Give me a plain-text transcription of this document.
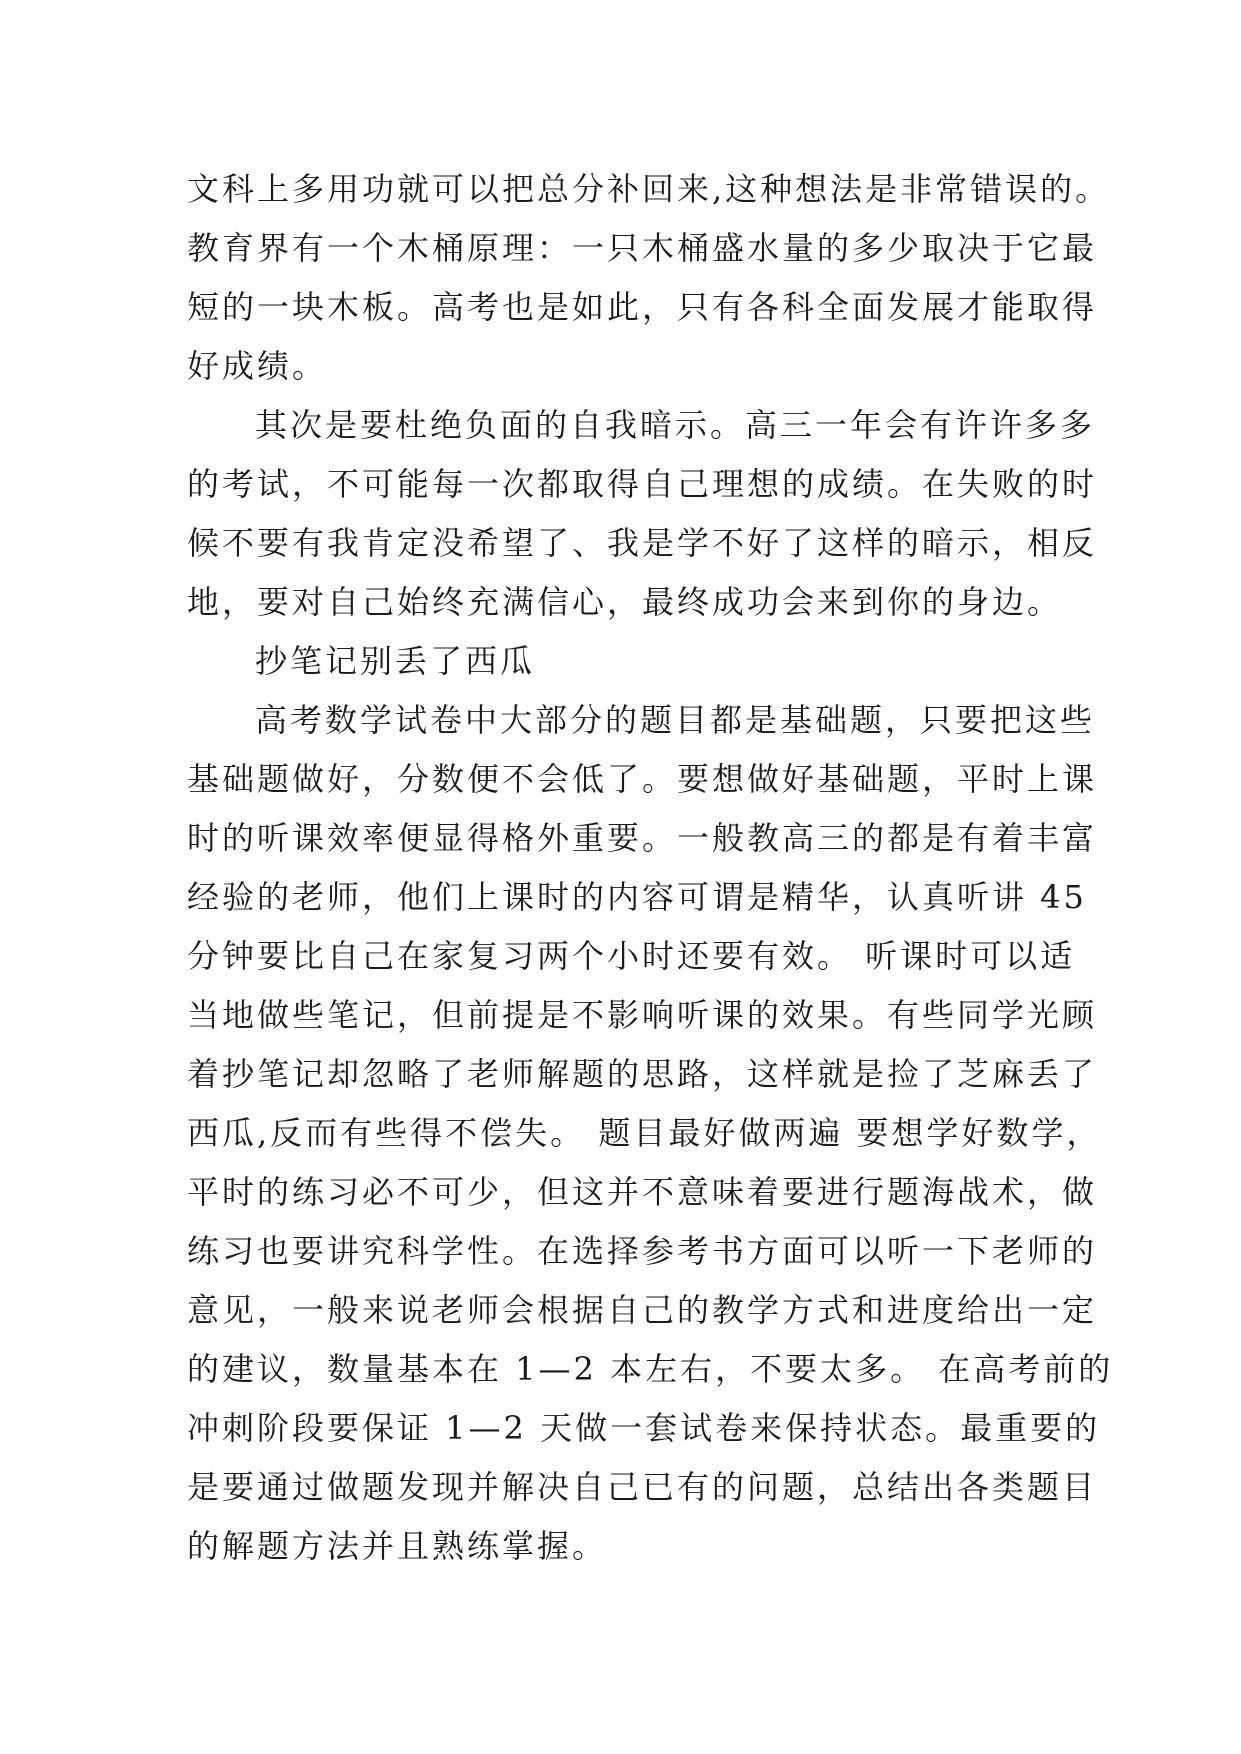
文科上多用功就可以把总分补回来,这种想法是非常错误的。
教育界有一个木桶原理：一只木桶盛水量的多少取决于它最
短的一块木板。高考也是如此，只有各科全面发展才能取得
好成绩。
其次是要杜绝负面的自我暗示。高三一年会有许许多多
的考试，不可能每一次都取得自己理想的成绩。在失败的时
候不要有我肯定没希望了、我是学不好了这样的暗示，相反
地，要对自己始终充满信心，最终成功会来到你的身边。
抄笔记别丢了西瓜
高考数学试卷中大部分的题目都是基础题，只要把这些
基础题做好，分数便不会低了。要想做好基础题，平时上课
时的听课效率便显得格外重要。一般教高三的都是有着丰富
经验的老师，他们上课时的内容可谓是精华，认真听讲 45
分钟要比自己在家复习两个小时还要有效。 听课时可以适
当地做些笔记，但前提是不影响听课的效果。有些同学光顾
着抄笔记却忽略了老师解题的思路，这样就是捡了芝麻丢了
西瓜,反而有些得不偿失。 题目最好做两遍 要想学好数学，
平时的练习必不可少，但这并不意味着要进行题海战术，做
练习也要讲究科学性。在选择参考书方面可以听一下老师的
意见，一般来说老师会根据自己的教学方式和进度给出一定
的建议，数量基本在 1—2 本左右，不要太多。 在高考前的
冲刺阶段要保证 1—2 天做一套试卷来保持状态。最重要的
是要通过做题发现并解决自己已有的问题，总结出各类题目
的解题方法并且熟练掌握。
